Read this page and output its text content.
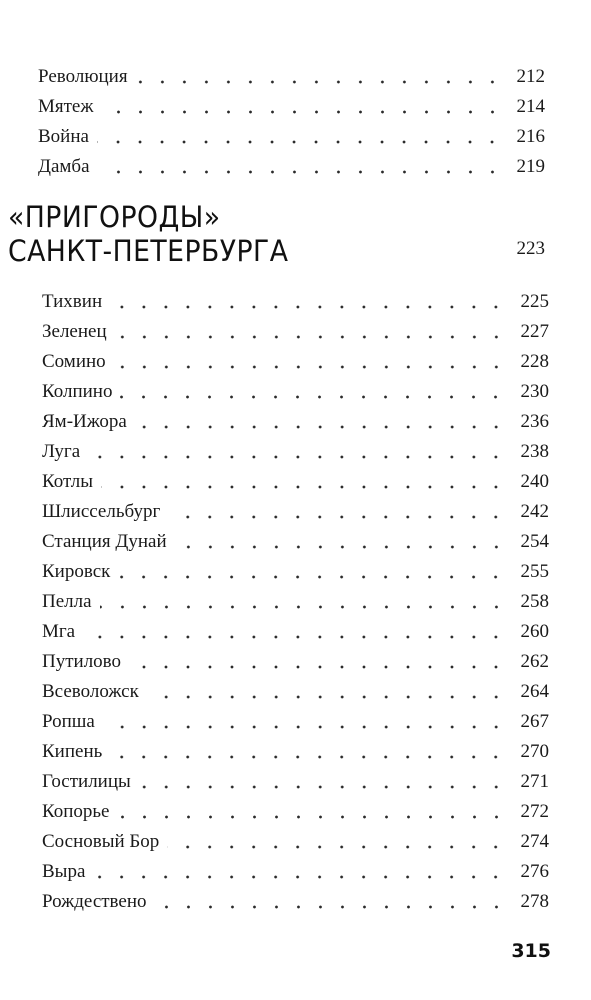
Революция	212
Мятеж	214
Война	216
Дамба	219
«ПРИГОРОДЫ»
САНКТ-ПЕТЕРБУРГА	223
Тихвин	225
Зеленец	227
Сомино	228
Колпино	230
Ям-Ижора	236
Луга	238
Котлы	240
Шлиссельбург	242
Станция Дунай	254
Кировск	255
Пелла	258
Мга	260
Путилово	262
Всеволожск	264
Ропша	267
Кипень	270
Гостилицы	271
Копорье	272
Сосновый Бор	274
Выра	276
Рождествено	278
315
